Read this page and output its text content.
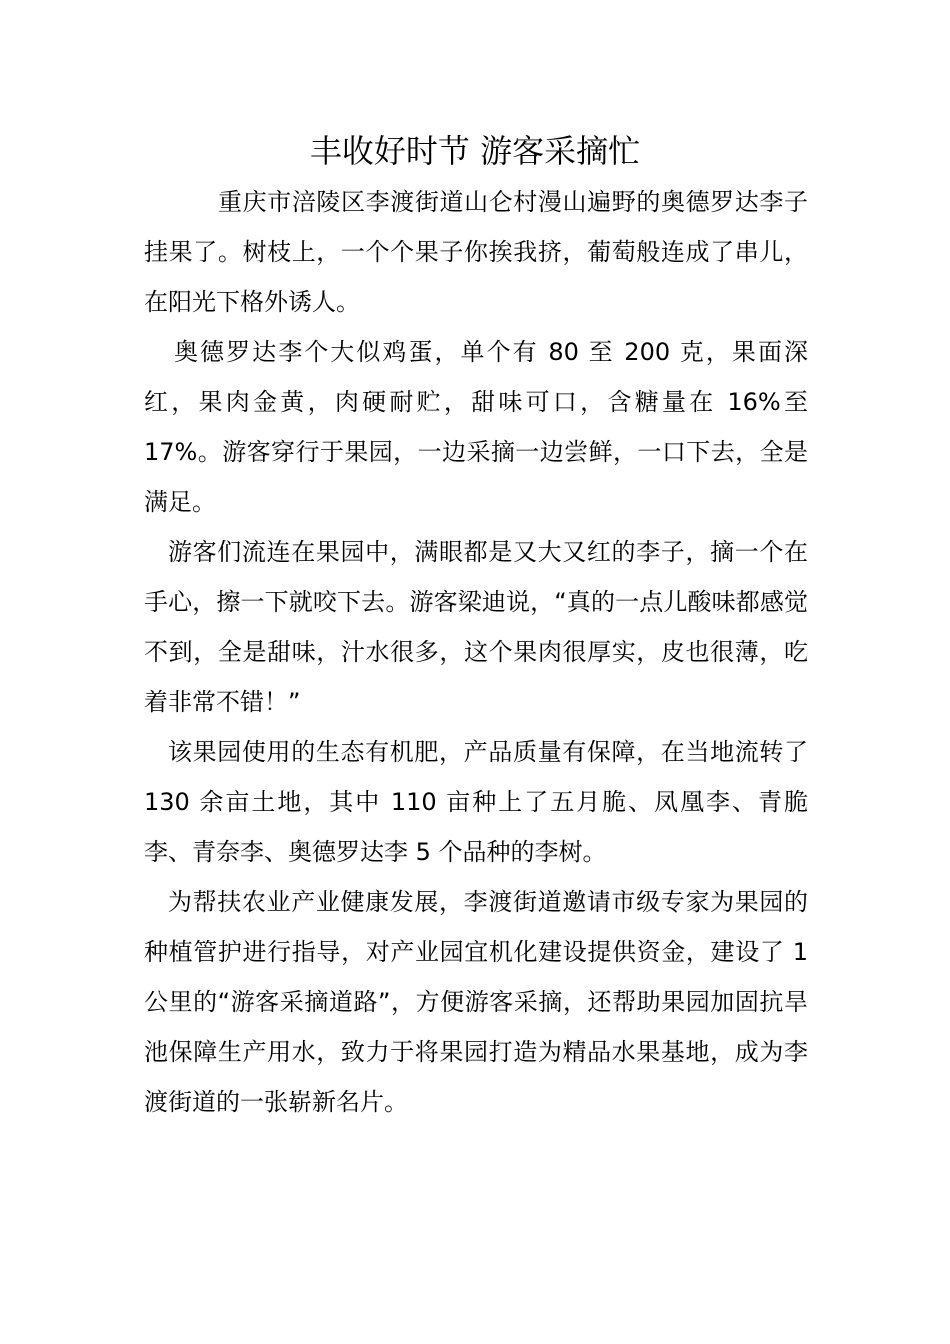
丰收好时节 游客采摘忙

重庆市涪陵区李渡街道山仑村漫山遍野的奥德罗达李子挂果了。树枝上，一个个果子你挨我挤，葡萄般连成了串儿，在阳光下格外诱人。

奥德罗达李个大似鸡蛋，单个有 80 至 200 克，果面深红，果肉金黄，肉硬耐贮，甜味可口，含糖量在 16%至17%。游客穿行于果园，一边采摘一边尝鲜，一口下去，全是满足。

游客们流连在果园中，满眼都是又大又红的李子，摘一个在手心，擦一下就咬下去。游客梁迪说，“真的一点儿酸味都感觉不到，全是甜味，汁水很多，这个果肉很厚实，皮也很薄，吃着非常不错！”

该果园使用的生态有机肥，产品质量有保障，在当地流转了 130 余亩土地，其中 110 亩种上了五月脆、凤凰李、青脆李、青奈李、奥德罗达李 5 个品种的李树。

为帮扶农业产业健康发展，李渡街道邀请市级专家为果园的种植管护进行指导，对产业园宜机化建设提供资金，建设了 1 公里的“游客采摘道路”，方便游客采摘，还帮助果园加固抗旱池保障生产用水，致力于将果园打造为精品水果基地，成为李渡街道的一张崭新名片。
